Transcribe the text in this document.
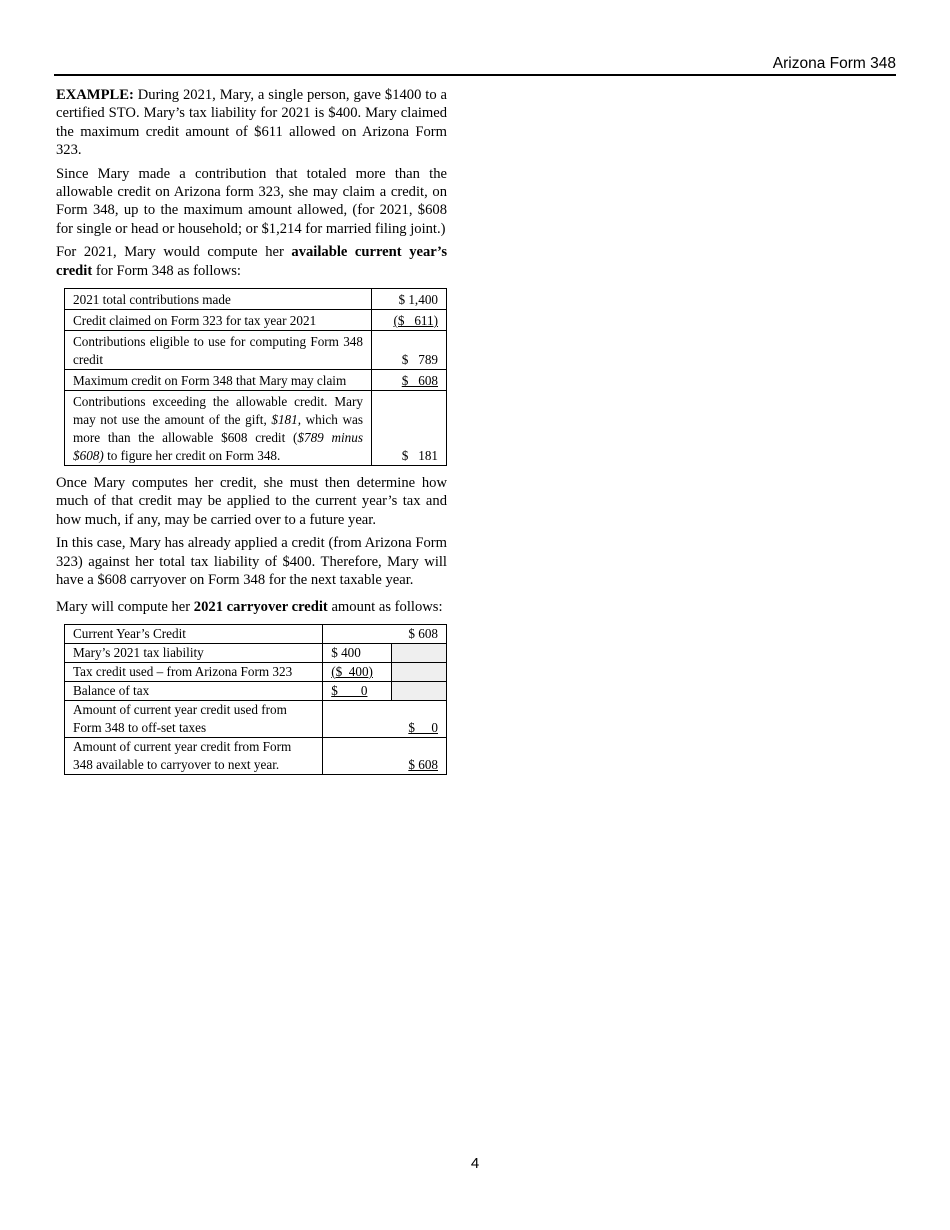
Arizona Form 348

EXAMPLE: During 2021, Mary, a single person, gave $1400 to a certified STO. Mary’s tax liability for 2021 is $400. Mary claimed the maximum credit amount of $611 allowed on Arizona Form 323.

Since Mary made a contribution that totaled more than the allowable credit on Arizona form 323, she may claim a credit, on Form 348, up to the maximum amount allowed, (for 2021, $608 for single or head or household; or $1,214 for married filing joint.)

For 2021, Mary would compute her available current year’s credit for Form 348 as follows:

2021 total contributions made	$ 1,400
Credit claimed on Form 323 for tax year 2021	($   611)
Contributions eligible to use for computing Form 348 credit	$   789
Maximum credit on Form 348 that Mary may claim	$   608
Contributions exceeding the allowable credit. Mary may not use the amount of the gift, $181, which was more than the allowable $608 credit ($789 minus $608) to figure her credit on Form 348.	$   181

Once Mary computes her credit, she must then determine how much of that credit may be applied to the current year’s tax and how much, if any, may be carried over to a future year.

In this case, Mary has already applied a credit (from Arizona Form 323) against her total tax liability of $400. Therefore, Mary will have a $608 carryover on Form 348 for the next taxable year.

Mary will compute her 2021 carryover credit amount as follows:

Current Year’s Credit	$ 608	
Mary’s 2021 tax liability	$ 400	
Tax credit used – from Arizona Form 323	($  400)	
Balance of tax	$       0	
Amount of current year credit used from Form 348 to off-set taxes	$     0	
Amount of current year credit from Form 348 available to carryover to next year.	$ 608	
4
